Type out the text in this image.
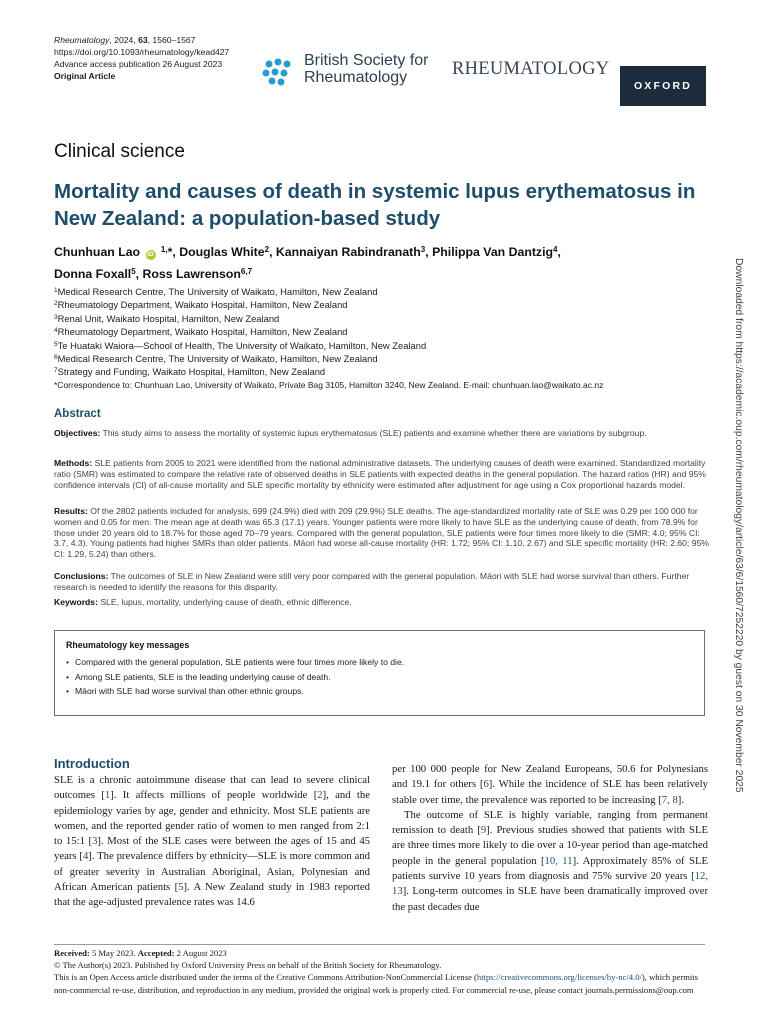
Rheumatology, 2024, 63, 1560–1567
https://doi.org/10.1093/rheumatology/kead427
Advance access publication 26 August 2023
Original Article
British Society for
Rheumatology	RHEUMATOLOGY
OXFORD
Clinical science
Mortality and causes of death in systemic lupus erythematosus in New Zealand: a population-based study
Chunhuan Lao iD $^{1,}$*, Douglas White$^2$, Kannaiyan Rabindranath$^3$, Philippa Van Dantzig$^4$,
Donna Foxall$^5$, Ross Lawrenson$^{6,7}$
$^1$Medical Research Centre, The University of Waikato, Hamilton, New Zealand
$^2$Rheumatology Department, Waikato Hospital, Hamilton, New Zealand
$^3$Renal Unit, Waikato Hospital, Hamilton, New Zealand
$^4$Rheumatology Department, Waikato Hospital, Hamilton, New Zealand
$^5$Te Huataki Waiora—School of Health, The University of Waikato, Hamilton, New Zealand
$^6$Medical Research Centre, The University of Waikato, Hamilton, New Zealand
$^7$Strategy and Funding, Waikato Hospital, Hamilton, New Zealand
*Correspondence to: Chunhuan Lao, University of Waikato, Private Bag 3105, Hamilton 3240, New Zealand. E-mail: chunhuan.lao@waikato.ac.nz
Abstract
Objectives: This study aims to assess the mortality of systemic lupus erythematosus (SLE) patients and examine whether there are variations by subgroup.
Methods: SLE patients from 2005 to 2021 were identified from the national administrative datasets. The underlying causes of death were examined. Standardized mortality ratio (SMR) was estimated to compare the relative rate of observed deaths in SLE patients with expected deaths in the general population. The hazard ratios (HR) and 95% confidence intervals (CI) of all-cause mortality and SLE specific mortality by ethnicity were estimated after adjustment for age using a Cox proportional hazards model.
Results: Of the 2802 patients included for analysis, 699 (24.9%) died with 209 (29.9%) SLE deaths. The age-standardized mortality rate of SLE was 0.29 per 100 000 for women and 0.05 for men. The mean age at death was 65.3 (17.1) years. Younger patients were more likely to have SLE as the underlying cause of death, from 78.9% for those under 20 years old to 18.7% for those aged 70–79 years. Compared with the general population, SLE patients were four times more likely to die (SMR: 4.0; 95% CI: 3.7, 4.3). Young patients had higher SMRs than older patients. Māori had worse all-cause mortality (HR: 1.72; 95% CI: 1.10, 2.67) and SLE specific mortality (HR: 2.60; 95% CI: 1.29, 5.24) than others.
Conclusions: The outcomes of SLE in New Zealand were still very poor compared with the general population. Māori with SLE had worse survival than others. Further research is needed to identify the reasons for this disparity.
Keywords: SLE, lupus, mortality, underlying cause of death, ethnic difference.
Rheumatology key messages
• Compared with the general population, SLE patients were four times more likely to die.
• Among SLE patients, SLE is the leading underlying cause of death.
• Māori with SLE had worse survival than other ethnic groups.
Introduction
SLE is a chronic autoimmune disease that can lead to severe clinical outcomes [1]. It affects millions of people worldwide [2], and the epidemiology varies by age, gender and ethnicity. Most SLE patients are women, and the reported gender ratio of women to men ranged from 2:1 to 15:1 [3]. Most of the SLE cases were between the ages of 15 and 45 years [4]. The prevalence differs by ethnicity—SLE is more common and of greater severity in Australian Aboriginal, Asian, Polynesian and African American patients [5]. A New Zealand study in 1983 reported that the age-adjusted prevalence rates was 14.6
per 100 000 people for New Zealand Europeans, 50.6 for Polynesians and 19.1 for others [6]. While the incidence of SLE has been relatively stable over time, the prevalence was reported to be increasing [7, 8].
The outcome of SLE is highly variable, ranging from permanent remission to death [9]. Previous studies showed that patients with SLE are three times more likely to die over a 10-year period than age-matched people in the general population [10, 11]. Approximately 85% of SLE patients survive 10 years from diagnosis and 75% survive 20 years [12, 13]. Long-term outcomes in SLE have been dramatically improved over the past decades due
Received: 5 May 2023. Accepted: 2 August 2023
© The Author(s) 2023. Published by Oxford University Press on behalf of the British Society for Rheumatology.
This is an Open Access article distributed under the terms of the Creative Commons Attribution-NonCommercial License (https://creativecommons.org/licenses/by-nc/4.0/), which permits non-commercial re-use, distribution, and reproduction in any medium, provided the original work is properly cited. For commercial re-use, please contact journals.permissions@oup.com
Downloaded from https://academic.oup.com/rheumatology/article/63/6/1560/7252220 by guest on 30 November 2025
